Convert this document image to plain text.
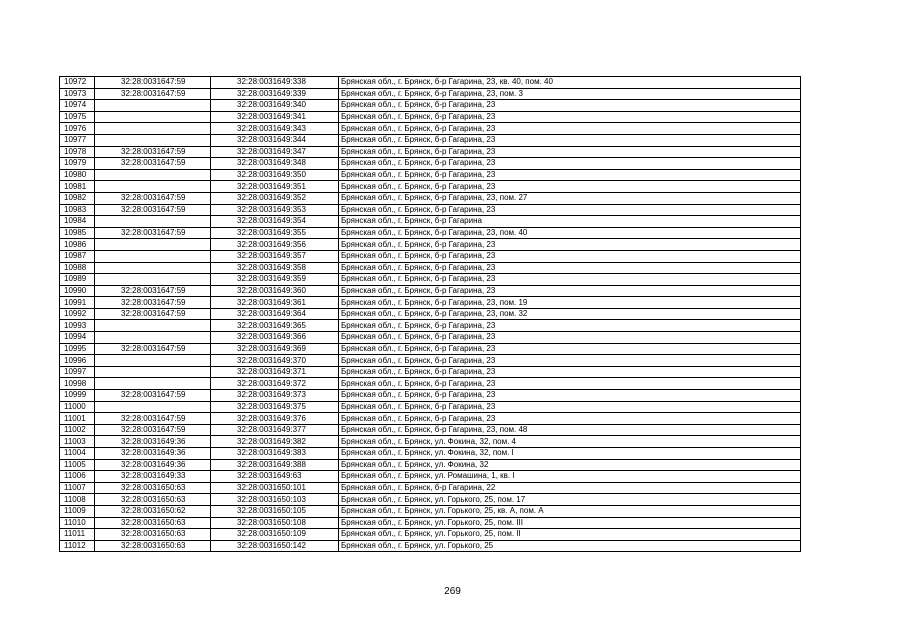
10972	32:28:0031647:59	32:28:0031649:338	Брянская обл., г. Брянск, б-р Гагарина, 23, кв. 40, пом. 40
10973	32:28:0031647:59	32:28:0031649:339	Брянская обл., г. Брянск, б-р Гагарина, 23, пом. 3
10974		32:28:0031649:340	Брянская обл., г. Брянск, б-р Гагарина, 23
10975		32:28:0031649:341	Брянская обл., г. Брянск, б-р Гагарина, 23
10976		32:28:0031649:343	Брянская обл., г. Брянск, б-р Гагарина, 23
10977		32:28:0031649:344	Брянская обл., г. Брянск, б-р Гагарина, 23
10978	32:28:0031647:59	32:28:0031649:347	Брянская обл., г. Брянск, б-р Гагарина, 23
10979	32:28:0031647:59	32:28:0031649:348	Брянская обл., г. Брянск, б-р Гагарина, 23
10980		32:28:0031649:350	Брянская обл., г. Брянск, б-р Гагарина, 23
10981		32:28:0031649:351	Брянская обл., г. Брянск, б-р Гагарина, 23
10982	32:28:0031647:59	32:28:0031649:352	Брянская обл., г. Брянск, б-р Гагарина, 23, пом. 27
10983	32:28:0031647:59	32:28:0031649:353	Брянская обл., г. Брянск, б-р Гагарина, 23
10984		32:28:0031649:354	Брянская обл., г. Брянск, б-р Гагарина
10985	32:28:0031647:59	32:28:0031649:355	Брянская обл., г. Брянск, б-р Гагарина, 23, пом. 40
10986		32:28:0031649:356	Брянская обл., г. Брянск, б-р Гагарина, 23
10987		32:28:0031649:357	Брянская обл., г. Брянск, б-р Гагарина, 23
10988		32:28:0031649:358	Брянская обл., г. Брянск, б-р Гагарина, 23
10989		32:28:0031649:359	Брянская обл., г. Брянск, б-р Гагарина, 23
10990	32:28:0031647:59	32:28:0031649:360	Брянская обл., г. Брянск, б-р Гагарина, 23
10991	32:28:0031647:59	32:28:0031649:361	Брянская обл., г. Брянск, б-р Гагарина, 23, пом. 19
10992	32:28:0031647:59	32:28:0031649:364	Брянская обл., г. Брянск, б-р Гагарина, 23, пом. 32
10993		32:28:0031649:365	Брянская обл., г. Брянск, б-р Гагарина, 23
10994		32:28:0031649:366	Брянская обл., г. Брянск, б-р Гагарина, 23
10995	32:28:0031647:59	32:28:0031649:369	Брянская обл., г. Брянск, б-р Гагарина, 23
10996		32:28:0031649:370	Брянская обл., г. Брянск, б-р Гагарина, 23
10997		32:28:0031649:371	Брянская обл., г. Брянск, б-р Гагарина, 23
10998		32:28:0031649:372	Брянская обл., г. Брянск, б-р Гагарина, 23
10999	32:28:0031647:59	32:28:0031649:373	Брянская обл., г. Брянск, б-р Гагарина, 23
11000		32:28:0031649:375	Брянская обл., г. Брянск, б-р Гагарина, 23
11001	32:28:0031647:59	32:28:0031649:376	Брянская обл., г. Брянск, б-р Гагарина, 23
11002	32:28:0031647:59	32:28:0031649:377	Брянская обл., г. Брянск, б-р Гагарина, 23, пом. 48
11003	32:28:0031649:36	32:28:0031649:382	Брянская обл., г. Брянск, ул. Фокина, 32, пом. 4
11004	32:28:0031649:36	32:28:0031649:383	Брянская обл., г. Брянск, ул. Фокина, 32, пом. I
11005	32:28:0031649:36	32:28:0031649:388	Брянская обл., г. Брянск, ул. Фокина, 32
11006	32:28:0031649:33	32:28:0031649:63	Брянская обл., г. Брянск, ул. Ромашина, 1, кв. I
11007	32:28:0031650:63	32:28:0031650:101	Брянская обл., г. Брянск, б-р Гагарина, 22
11008	32:28:0031650:63	32:28:0031650:103	Брянская обл., г. Брянск, ул. Горького, 25, пом. 17
11009	32:28:0031650:62	32:28:0031650:105	Брянская обл., г. Брянск, ул. Горького, 25, кв. А, пом. А
11010	32:28:0031650:63	32:28:0031650:108	Брянская обл., г. Брянск, ул. Горького, 25, пом. III
11011	32:28:0031650:63	32:28:0031650:109	Брянская обл., г. Брянск, ул. Горького, 25, пом. II
11012	32:28:0031650:63	32:28:0031650:142	Брянская обл., г. Брянск, ул. Горького, 25
269
